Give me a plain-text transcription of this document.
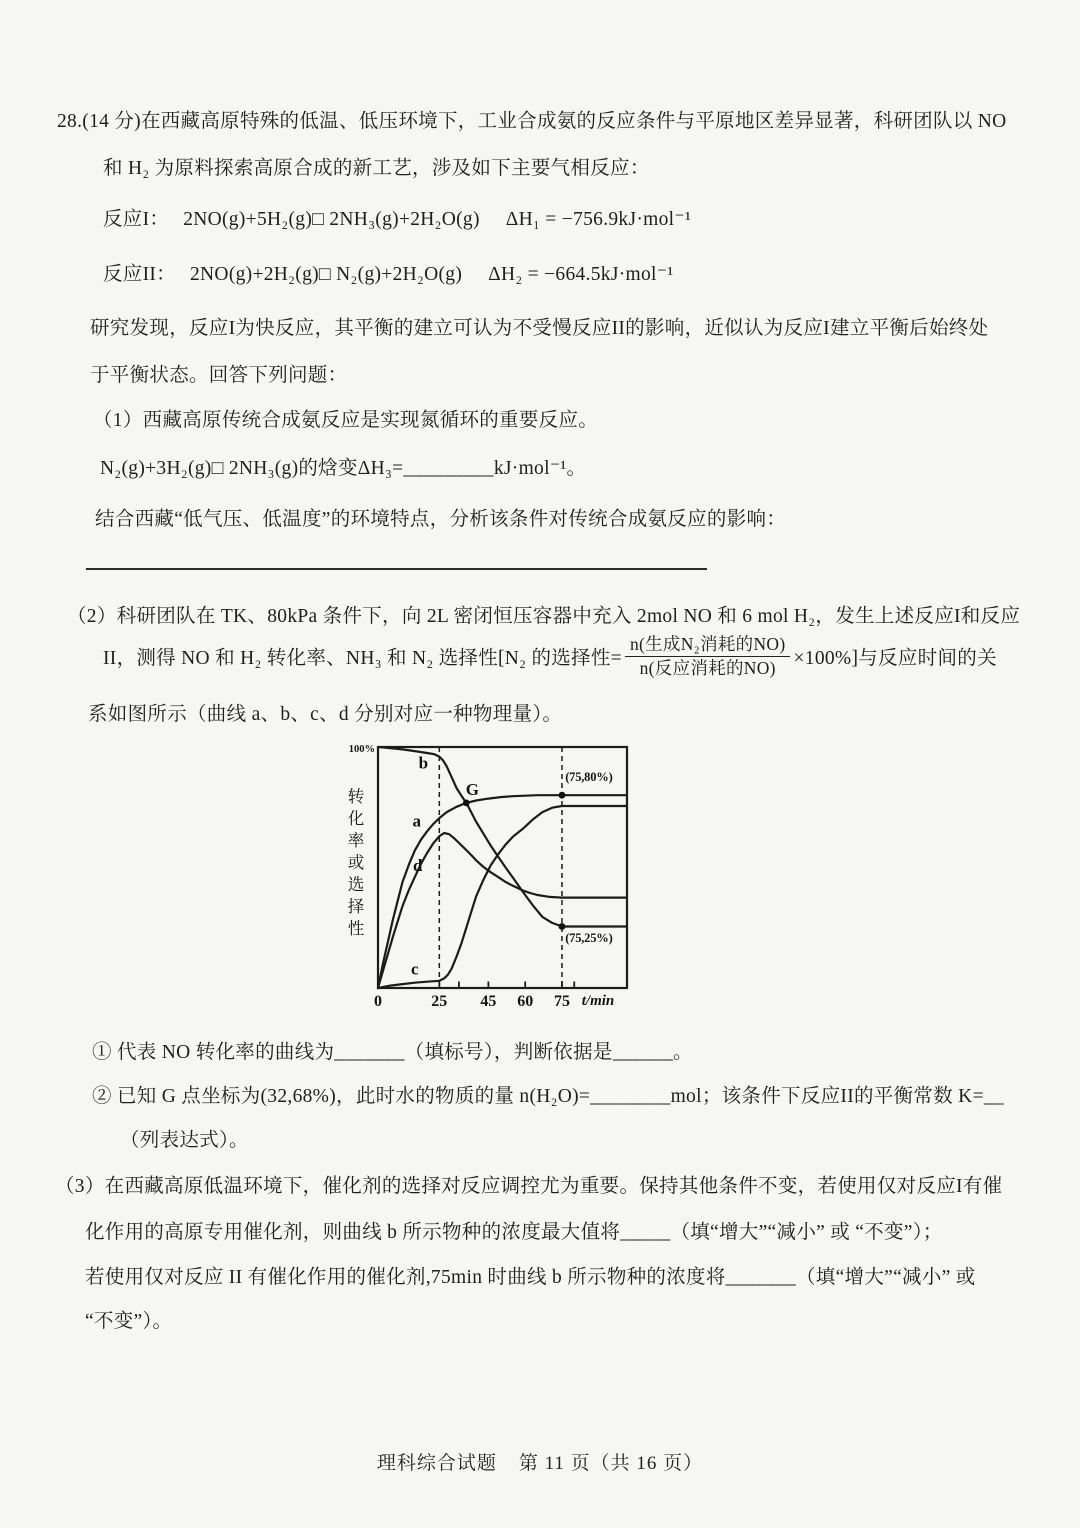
28.(14 分)在西藏高原特殊的低温、低压环境下，工业合成氨的反应条件与平原地区差异显著，科研团队以 NO
和 H₂ 为原料探索高原合成的新工艺，涉及如下主要气相反应：
反应I： 2NO(g)+5H₂(g)□ 2NH₃(g)+2H₂O(g) ΔH₁ = −756.9kJ·mol⁻¹
反应II： 2NO(g)+2H₂(g)□ N₂(g)+2H₂O(g) ΔH₂ = −664.5kJ·mol⁻¹
研究发现，反应I为快反应，其平衡的建立可认为不受慢反应II的影响，近似认为反应I建立平衡后始终处
于平衡状态。回答下列问题：
（1）西藏高原传统合成氨反应是实现氮循环的重要反应。
N₂(g)+3H₂(g)□ 2NH₃(g)的焓变ΔH₃=_________kJ·mol⁻¹。
结合西藏“低气压、低温度”的环境特点，分析该条件对传统合成氨反应的影响：
（2）科研团队在 TK、80kPa 条件下，向 2L 密闭恒压容器中充入 2mol NO 和 6 mol H₂，发生上述反应I和反应
II，测得 NO 和 H₂ 转化率、NH₃ 和 N₂ 选择性[N₂ 的选择性= $\frac{\text{n(生成N₂消耗的NO)}}{\text{n(反应消耗的NO)}} \times 100\%$]与反应时间的关
系如图所示（曲线 a、b、c、d 分别对应一种物理量）。
b
a
d
c
G
(75,80%)
(75,25%)
0	25 45 60 75 t/min
100%
转
化
率
或
选
择
性
① 代表 NO 转化率的曲线为_______（填标号），判断依据是______。
② 已知 G 点坐标为(32,68%)，此时水的物质的量 n(H₂O)=________mol；该条件下反应II的平衡常数 K=__
（列表达式）。
（3）在西藏高原低温环境下，催化剂的选择对反应调控尤为重要。保持其他条件不变，若使用仅对反应I有催
化作用的高原专用催化剂，则曲线 b 所示物种的浓度最大值将_____（填“增大”“减小” 或 “不变”）；
若使用仅对反应 II 有催化作用的催化剂,75min 时曲线 b 所示物种的浓度将_______（填“增大”“减小” 或
“不变”）。
理科综合试题 第 11 页（共 16 页）
